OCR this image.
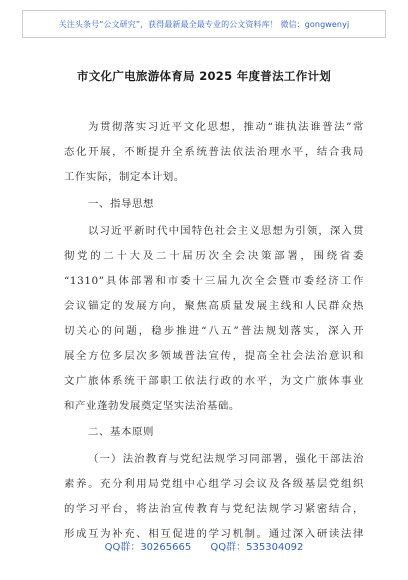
关注头条号“公文研究”，获得最新最全最专业的公文资料库！ 微信：gongwenyj
市文化广电旅游体育局 2025 年度普法工作计划
为贯彻落实习近平文化思想，推动“谁执法谁普法”常
态化开展，不断提升全系统普法依法治理水平，结合我局
工作实际，制定本计划。
一、指导思想
以习近平新时代中国特色社会主义思想为引领，深入贯
彻党的二十大及二十届历次全会决策部署，围绕省委
“1310”具体部署和市委十三届九次全会暨市委经济工作
会议锚定的发展方向，聚焦高质量发展主线和人民群众热
切关心的问题，稳步推进“八五”普法规划落实，深入开
展全方位多层次多领域普法宣传，提高全社会法治意识和
文广旅体系统干部职工依法行政的水平，为文广旅体事业
和产业蓬勃发展奠定坚实法治基础。
二、基本原则
（一）法治教育与党纪法规学习同部署，强化干部法治
素养。充分利用局党组中心组学习会议及各级基层党组织
的学习平台，将法治宣传教育与党纪法规学习紧密结合，
形成互为补充、相互促进的学习机制。通过深入研读法律
QQ群：30265665 QQ群：535304092
